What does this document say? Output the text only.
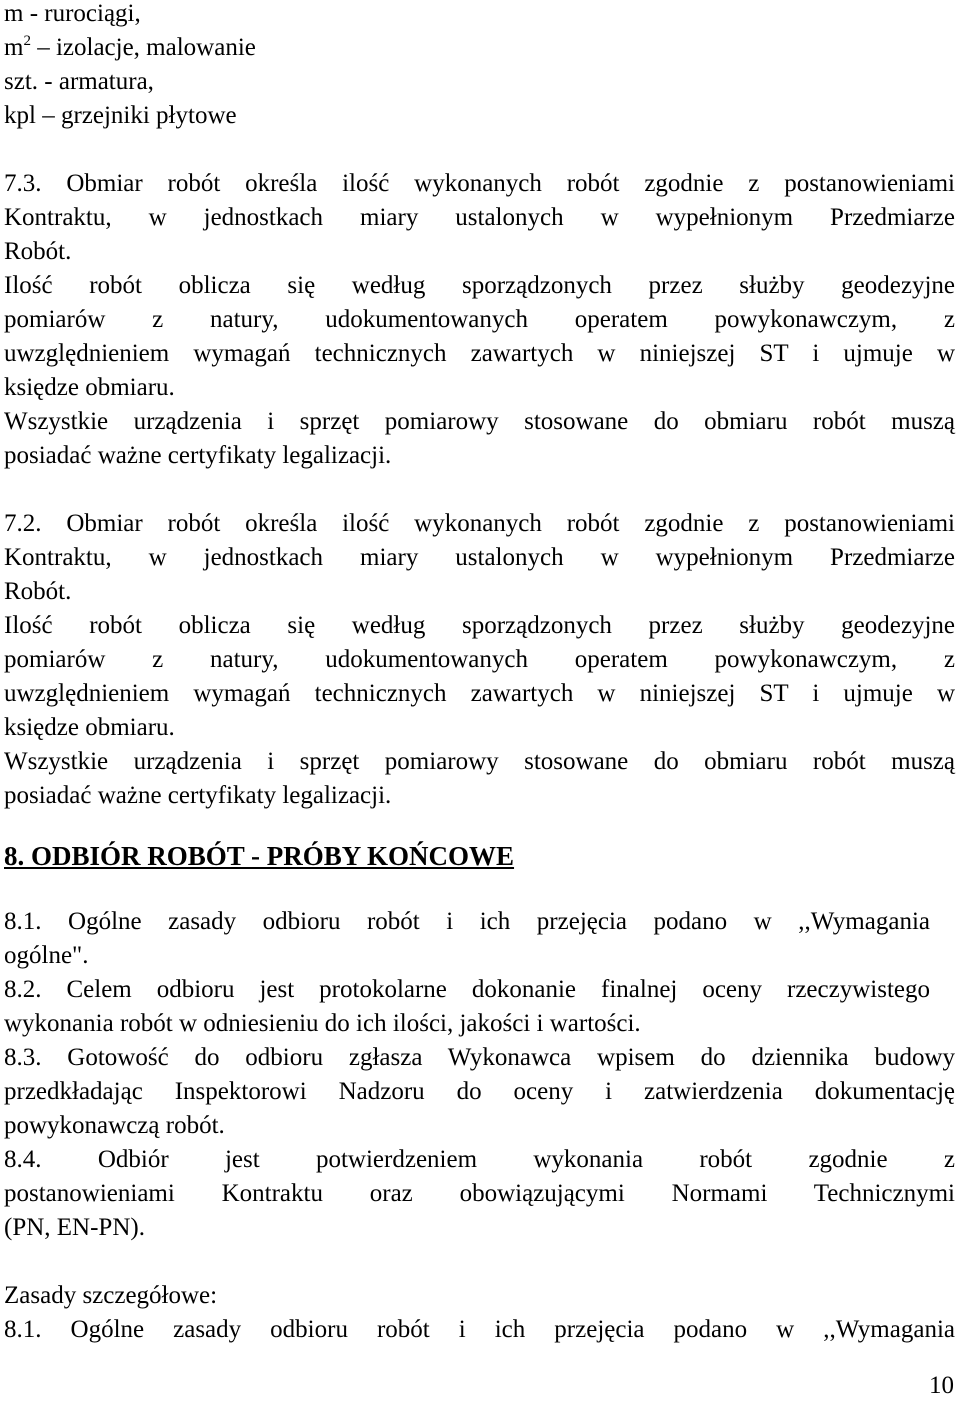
m - rurociągi,
$m^2$ – izolacje, malowanie
szt. - armatura,
kpl – grzejniki płytowe
7.3. Obmiar robót określa ilość wykonanych robót zgodnie z postanowieniami
Kontraktu, w jednostkach miary ustalonych w wypełnionym Przedmiarze
Robót.
Ilość robót oblicza się według sporządzonych przez służby geodezyjne
pomiarów z natury, udokumentowanych operatem powykonawczym, z
uwzględnieniem wymagań technicznych zawartych w niniejszej ST i ujmuje w
księdze obmiaru.
Wszystkie urządzenia i sprzęt pomiarowy stosowane do obmiaru robót muszą
posiadać ważne certyfikaty legalizacji.
7.2. Obmiar robót określa ilość wykonanych robót zgodnie z postanowieniami
Kontraktu, w jednostkach miary ustalonych w wypełnionym Przedmiarze
Robót.
Ilość robót oblicza się według sporządzonych przez służby geodezyjne
pomiarów z natury, udokumentowanych operatem powykonawczym, z
uwzględnieniem wymagań technicznych zawartych w niniejszej ST i ujmuje w
księdze obmiaru.
Wszystkie urządzenia i sprzęt pomiarowy stosowane do obmiaru robót muszą
posiadać ważne certyfikaty legalizacji.
8. ODBIÓR ROBÓT - PRÓBY KOŃCOWE
8.1. Ogólne zasady odbioru robót i ich przejęcia podano w ,,Wymagania
ogólne".
8.2. Celem odbioru jest protokolarne dokonanie finalnej oceny rzeczywistego
wykonania robót w odniesieniu do ich ilości, jakości i wartości.
8.3. Gotowość do odbioru zgłasza Wykonawca wpisem do dziennika budowy
przedkładając Inspektorowi Nadzoru do oceny i zatwierdzenia dokumentację
powykonawczą robót.
8.4. Odbiór jest potwierdzeniem wykonania robót zgodnie z
postanowieniami Kontraktu oraz obowiązującymi Normami Technicznymi
(PN, EN-PN).
Zasady szczegółowe:
8.1. Ogólne zasady odbioru robót i ich przejęcia podano w ,,Wymagania
10
